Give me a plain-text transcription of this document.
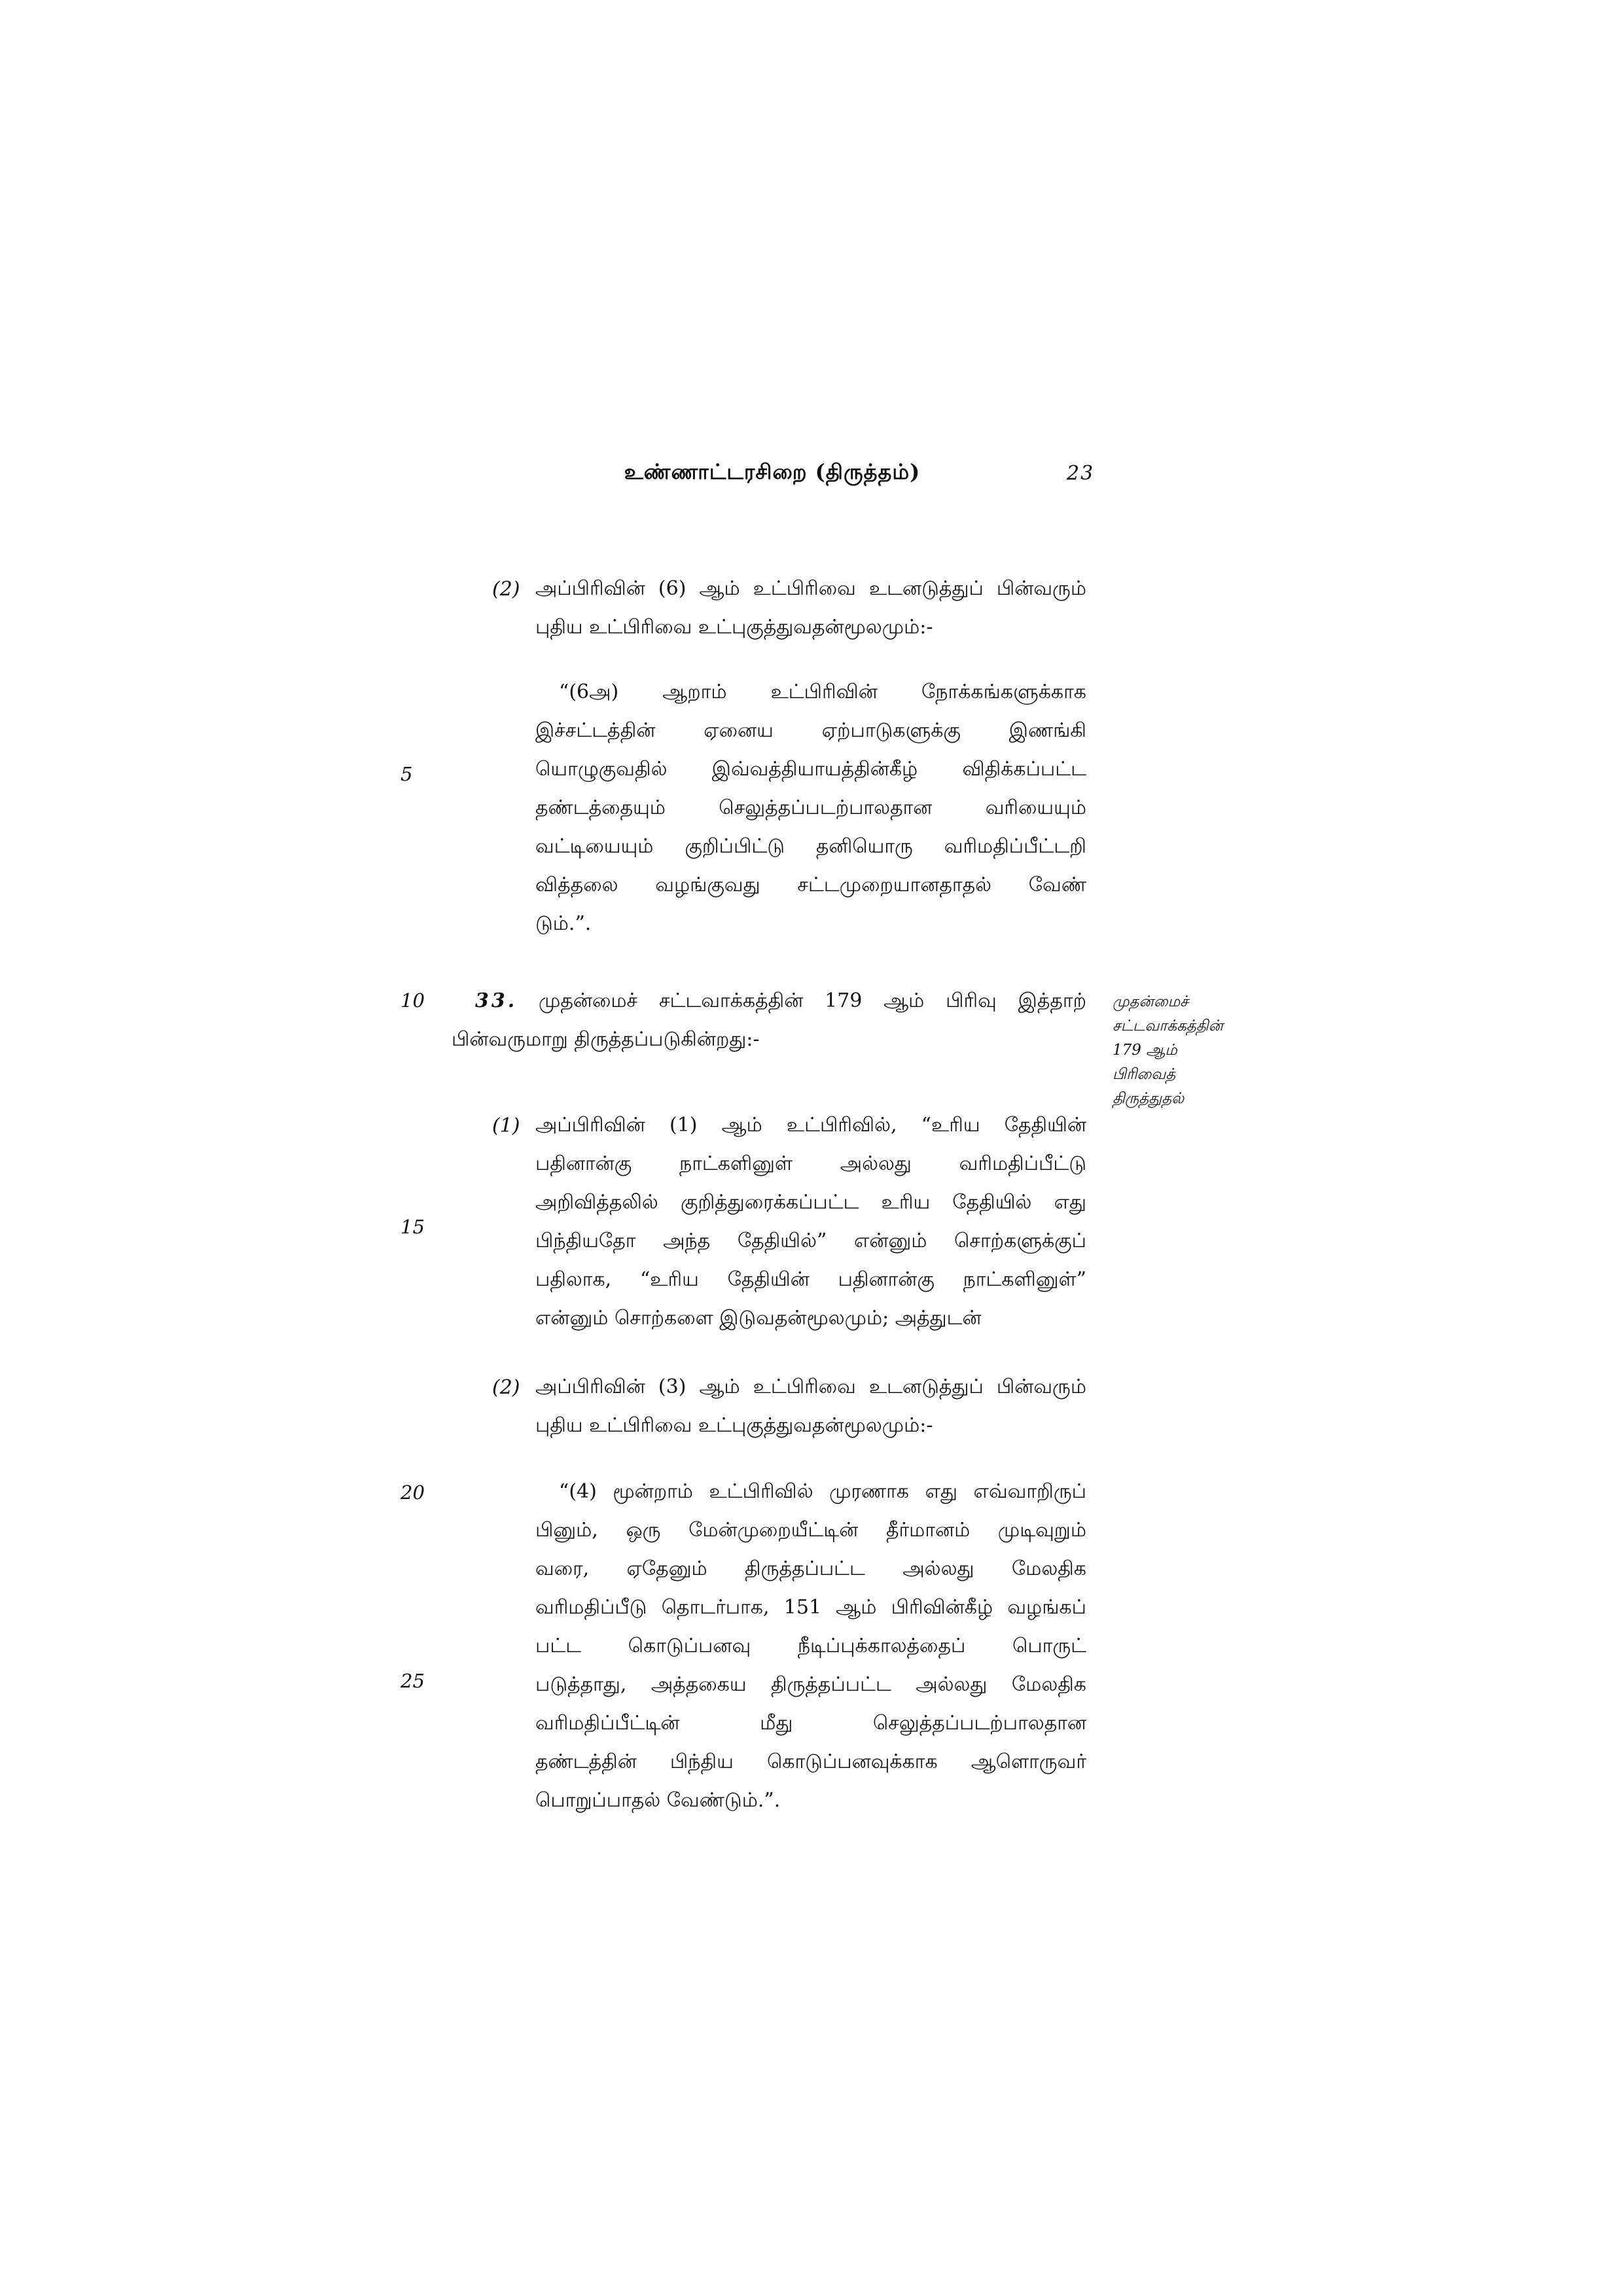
உண்ணாட்டரசிறை (திருத்தம்)	23
5
10
15
20
25
(2) அப்பிரிவின் (6) ஆம் உட்பிரிவை உடனடுத்துப் பின்வரும்
புதிய உட்பிரிவை உட்புகுத்துவதன்மூலமும்:-
“(6அ) ஆறாம் உட்பிரிவின் நோக்கங்களுக்காக
இச்சட்டத்தின் ஏனைய ஏற்பாடுகளுக்கு இணங்கி
யொழுகுவதில் இவ்வத்தியாயத்தின்கீழ் விதிக்கப்பட்ட
தண்டத்தையும் செலுத்தப்படற்பாலதான வரியையும்
வட்டியையும் குறிப்பிட்டு தனியொரு வரிமதிப்பீட்டறி
வித்தலை வழங்குவது சட்டமுறையானதாதல் வேண்
டும்.”.
33. முதன்மைச் சட்டவாக்கத்தின் 179 ஆம் பிரிவு இத்தாற்
பின்வருமாறு திருத்தப்படுகின்றது:-
முதன்மைச்
சட்டவாக்கத்தின்
179 ஆம்
பிரிவைத்
திருத்துதல்
(1) அப்பிரிவின் (1) ஆம் உட்பிரிவில், “உரிய தேதியின்
பதினான்கு நாட்களினுள் அல்லது வரிமதிப்பீட்டு
அறிவித்தலில் குறித்துரைக்கப்பட்ட உரிய தேதியில் எது
பிந்தியதோ அந்த தேதியில்” என்னும் சொற்களுக்குப்
பதிலாக, “உரிய தேதியின் பதினான்கு நாட்களினுள்”
என்னும் சொற்களை இடுவதன்மூலமும்; அத்துடன்
(2) அப்பிரிவின் (3) ஆம் உட்பிரிவை உடனடுத்துப் பின்வரும்
புதிய உட்பிரிவை உட்புகுத்துவதன்மூலமும்:-
“(4) மூன்றாம் உட்பிரிவில் முரணாக எது எவ்வாறிருப்
பினும், ஒரு மேன்முறையீட்டின் தீர்மானம் முடிவுறும்
வரை, ஏதேனும் திருத்தப்பட்ட அல்லது மேலதிக
வரிமதிப்பீடு தொடர்பாக, 151 ஆம் பிரிவின்கீழ் வழங்கப்
பட்ட கொடுப்பனவு நீடிப்புக்காலத்தைப் பொருட்
படுத்தாது, அத்தகைய திருத்தப்பட்ட அல்லது மேலதிக
வரிமதிப்பீட்டின் மீது செலுத்தப்படற்பாலதான
தண்டத்தின் பிந்திய கொடுப்பனவுக்காக ஆளொருவர்
பொறுப்பாதல் வேண்டும்.”.
